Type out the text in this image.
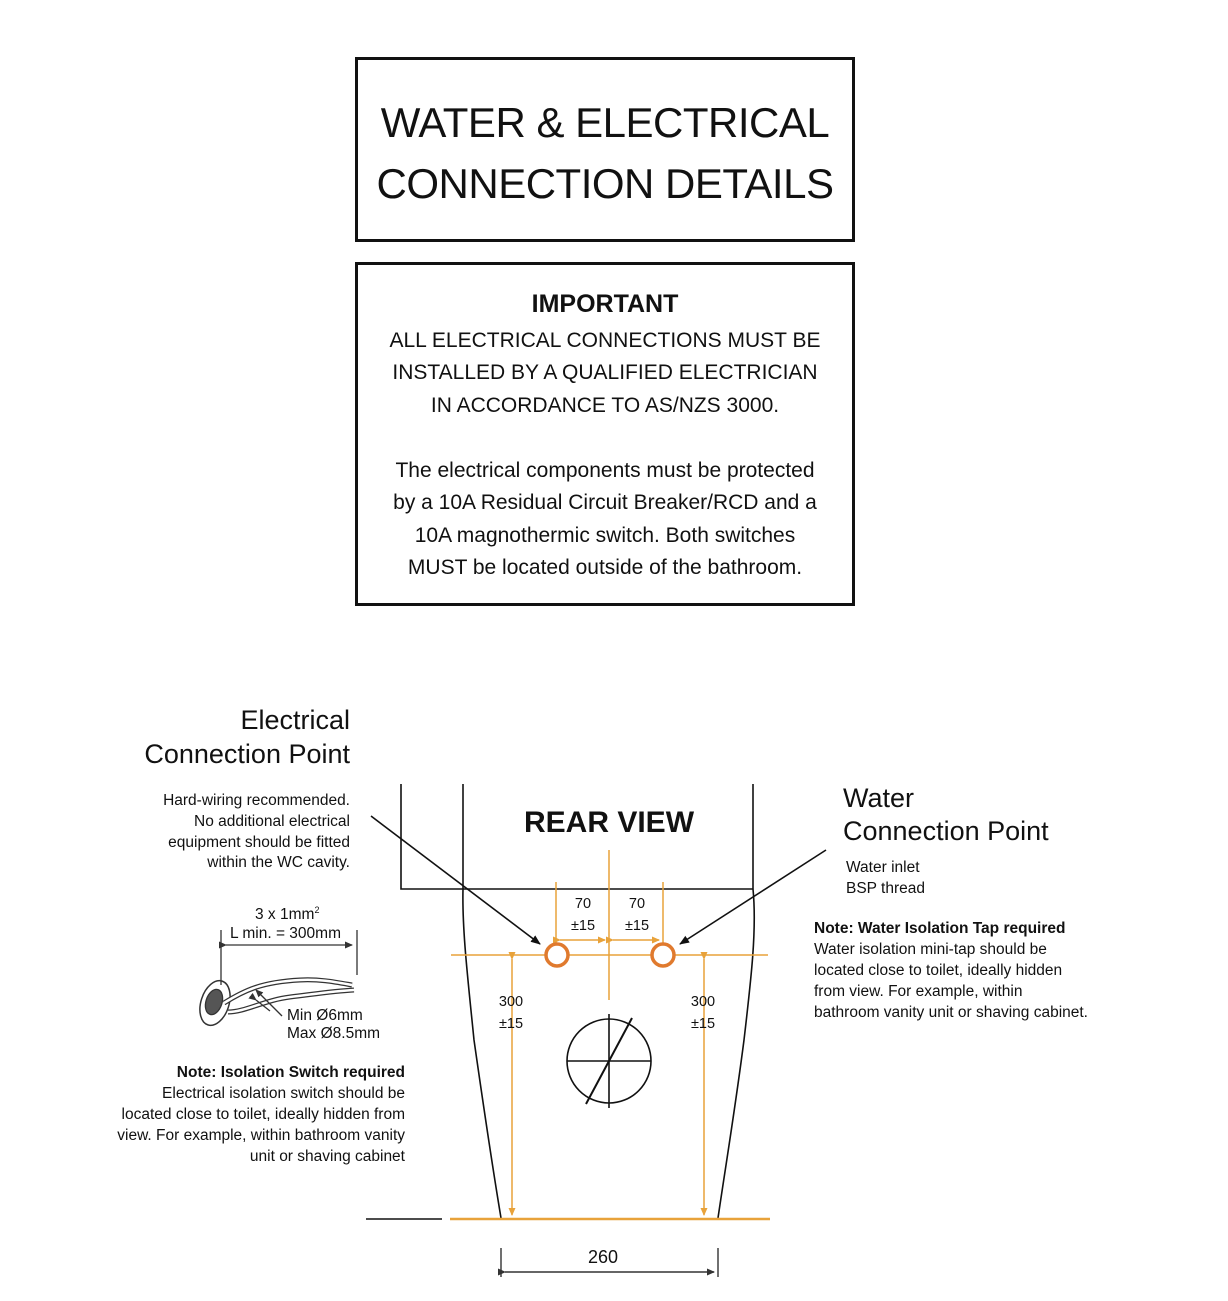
WATER & ELECTRICAL
CONNECTION DETAILS
IMPORTANT
ALL ELECTRICAL CONNECTIONS MUST BE
INSTALLED BY A QUALIFIED ELECTRICIAN
IN ACCORDANCE TO AS/NZS 3000.
The electrical components must be protected
by a 10A Residual Circuit Breaker/RCD and a
10A magnothermic switch. Both switches
MUST be located outside of the bathroom.
Electrical
Connection Point
Hard-wiring recommended.
No additional electrical
equipment should be fitted
within the WC cavity.
3 x $1mm^2$
L min. = 300mm
Min Ø6mm
Max Ø8.5mm
Note: Isolation Switch required
Electrical isolation switch should be
located close to toilet, ideally hidden from
view. For example, within bathroom vanity
unit or shaving cabinet
REAR VIEW
Water
Connection Point
Water inlet
BSP thread
Note: Water Isolation Tap required
Water isolation mini-tap should be
located close to toilet, ideally hidden
from view. For example, within
bathroom vanity unit or shaving cabinet.
70
±15
70
±15
300
±15
300
±15
260
